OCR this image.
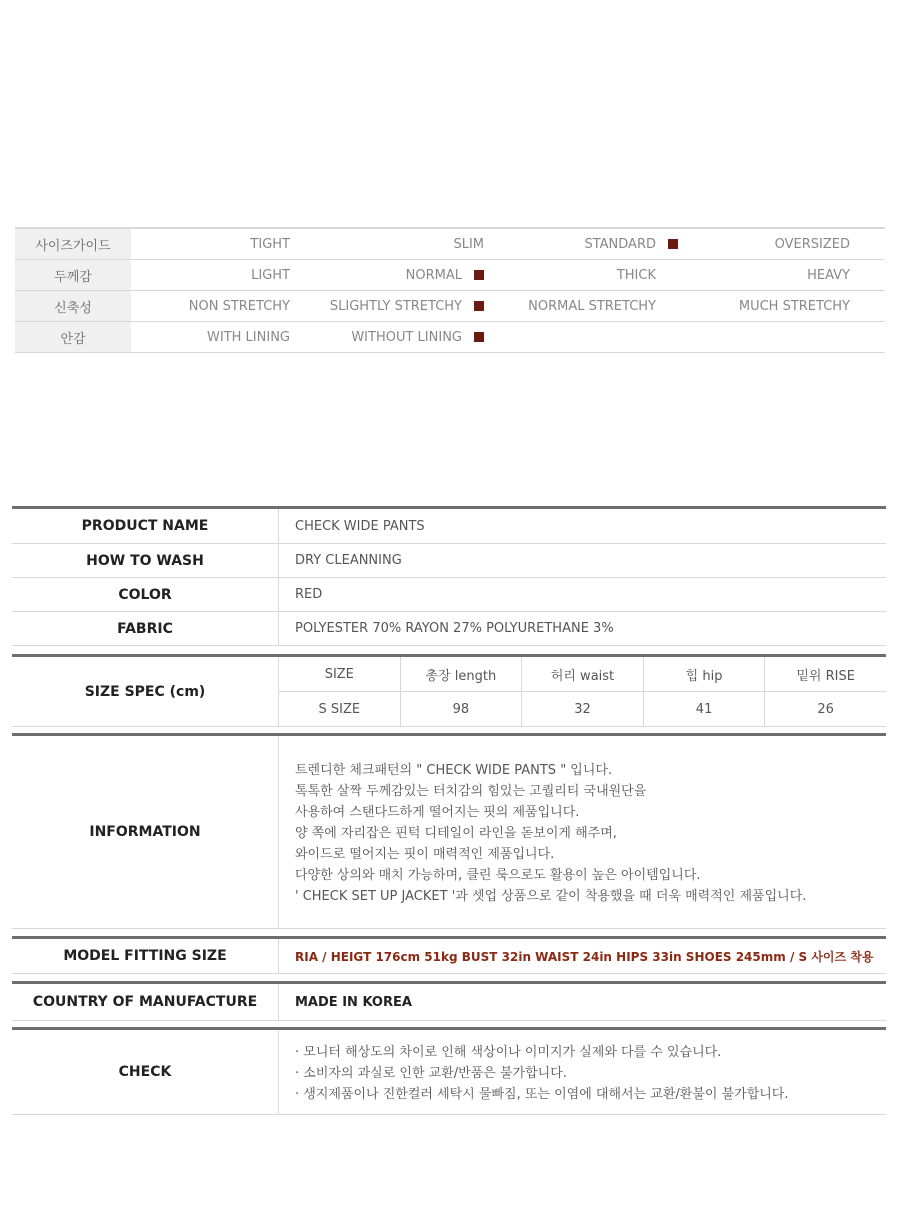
사이즈가이드	TIGHT	SLIM	STANDARD	OVERSIZED
두께감	LIGHT	NORMAL	THICK	HEAVY
신축성	NON STRETCHY	SLIGHTLY STRETCHY	NORMAL STRETCHY	MUCH STRETCHY
안감	WITH LINING	WITHOUT LINING
PRODUCT NAME	CHECK WIDE PANTS
HOW TO WASH	DRY CLEANNING
COLOR	RED
FABRIC	POLYESTER 70% RAYON 27% POLYURETHANE 3%
SIZE SPEC (cm)
SIZE	총장 length	허리 waist	힙 hip	밑위 RISE
S SIZE	98	32	41	26
INFORMATION
트렌디한 체크패턴의 " CHECK WIDE PANTS " 입니다.
톡톡한 살짝 두께감있는 터치감의 힘있는 고퀄리티 국내원단을
사용하여 스탠다드하게 떨어지는 핏의 제품입니다.
양 쪽에 자리잡은 핀턱 디테일이 라인을 돋보이게 해주며,
와이드로 떨어지는 핏이 매력적인 제품입니다.
다양한 상의와 매치 가능하며, 클린 룩으로도 활용이 높은 아이템입니다.
' CHECK SET UP JACKET '과 셋업 상품으로 같이 착용했을 때 더욱 매력적인 제품입니다.
MODEL FITTING SIZE	RIA / HEIGT 176cm 51kg BUST 32in WAIST 24in HIPS 33in SHOES 245mm / S 사이즈 착용
COUNTRY OF MANUFACTURE	MADE IN KOREA
CHECK
· 모니터 해상도의 차이로 인해 색상이나 이미지가 실제와 다를 수 있습니다.
· 소비자의 과실로 인한 교환/반품은 불가합니다.
· 생지제품이나 진한컬러 세탁시 물빠짐, 또는 이염에 대해서는 교환/환불이 불가합니다.
